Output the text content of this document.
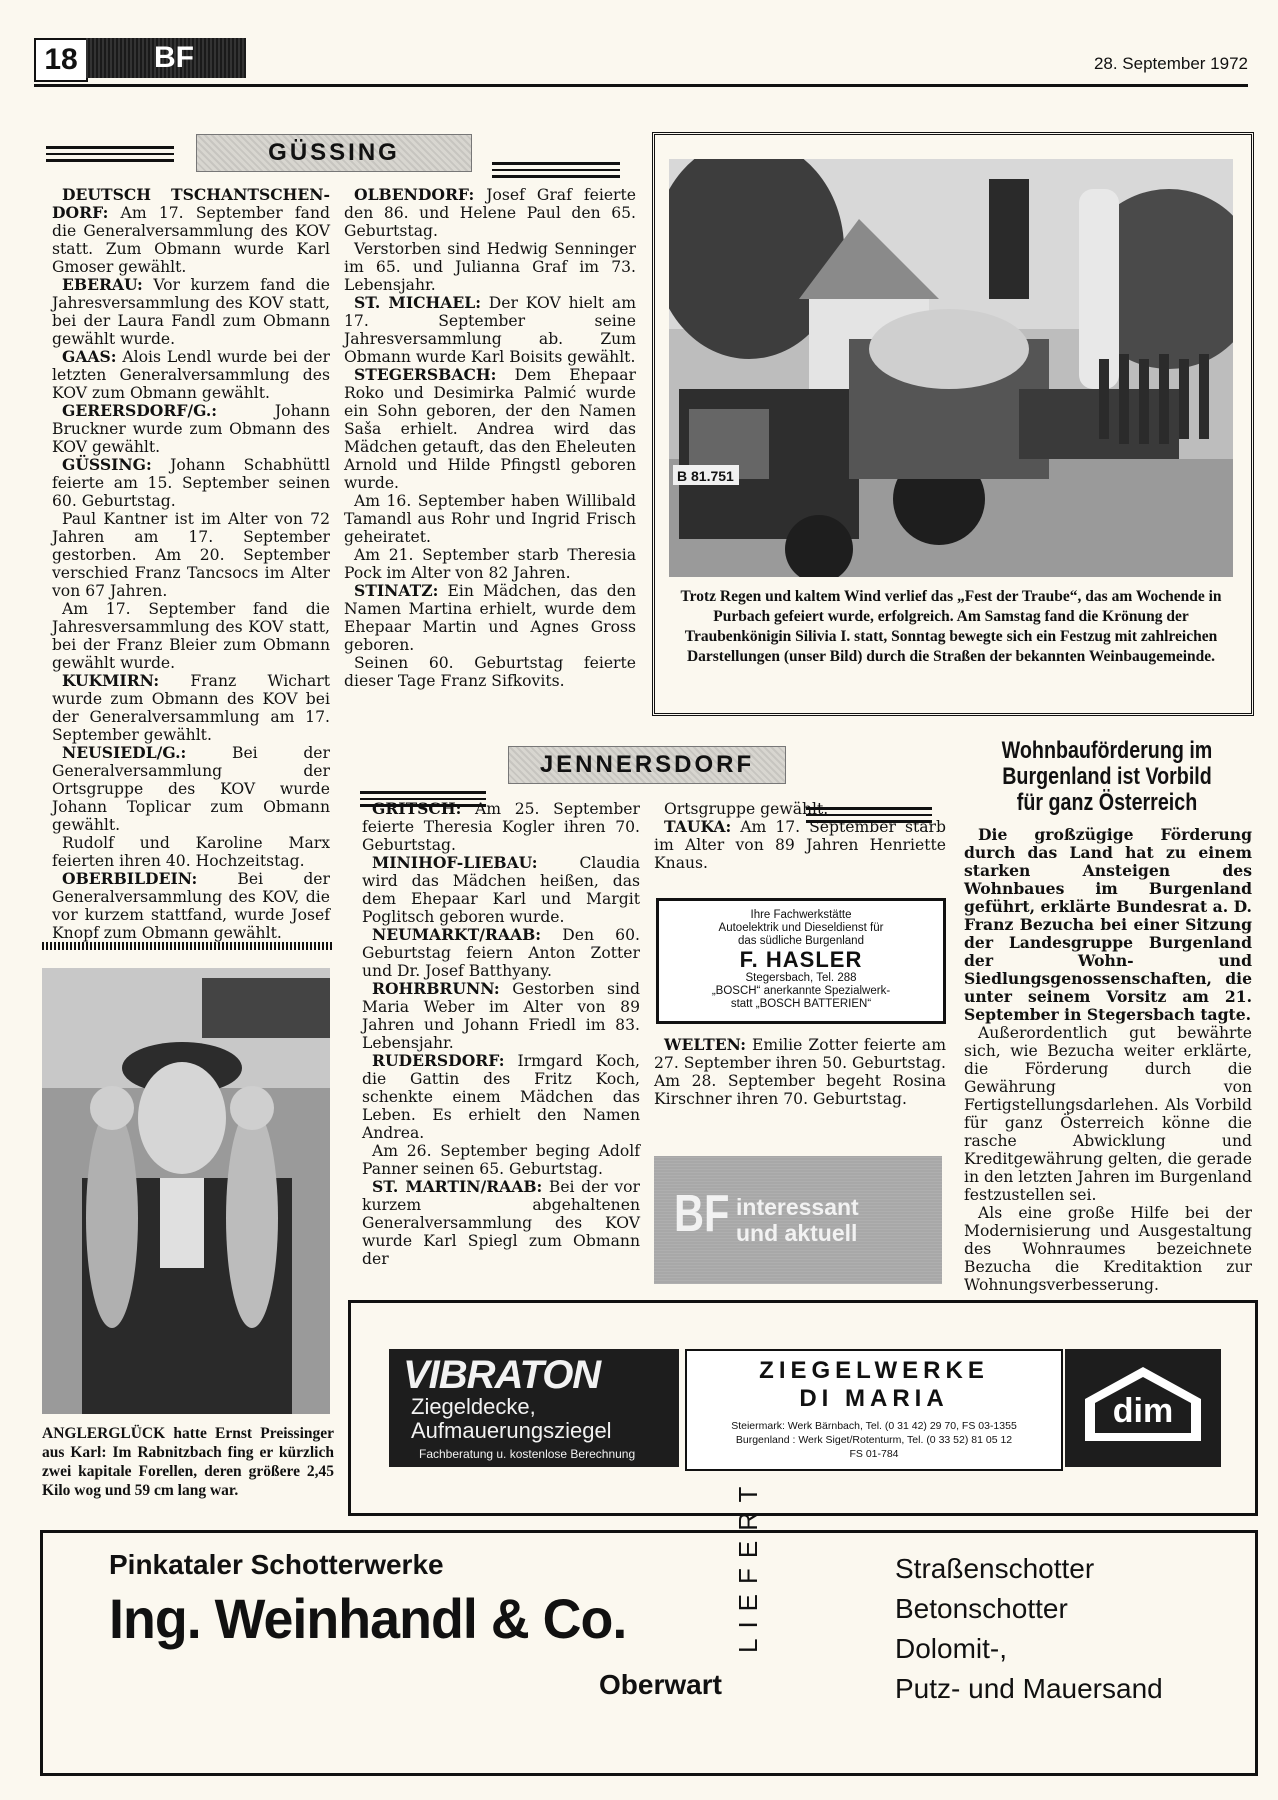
18	BF	28. September 1972
GÜSSING

DEUTSCH TSCHANTSCHEN-DORF: Am 17. September fand die Generalversammlung des KOV statt. Zum Obmann wurde Karl Gmoser gewählt.

EBERAU: Vor kurzem fand die Jahresversammlung des KOV statt, bei der Laura Fandl zum Obmann gewählt wurde.

GAAS: Alois Lendl wurde bei der letzten Generalversammlung des KOV zum Obmann gewählt.

GERERSDORF/G.: Johann Bruckner wurde zum Obmann des KOV gewählt.

GÜSSING: Johann Schabhüttl feierte am 15. September seinen 60. Geburtstag.

Paul Kantner ist im Alter von 72 Jahren am 17. September gestorben. Am 20. September verschied Franz Tancsocs im Alter von 67 Jahren.

Am 17. September fand die Jahresversammlung des KOV statt, bei der Franz Bleier zum Obmann gewählt wurde.

KUKMIRN: Franz Wichart wurde zum Obmann des KOV bei der Generalversammlung am 17. September gewählt.

NEUSIEDL/G.: Bei der Generalversammlung der Ortsgruppe des KOV wurde Johann Toplicar zum Obmann gewählt.

Rudolf und Karoline Marx feierten ihren 40. Hochzeitstag.

OBERBILDEIN: Bei der Generalversammlung des KOV, die vor kurzem stattfand, wurde Josef Knopf zum Obmann gewählt.

OLBENDORF: Josef Graf feierte den 86. und Helene Paul den 65. Geburtstag.

Verstorben sind Hedwig Senninger im 65. und Julianna Graf im 73. Lebensjahr.

ST. MICHAEL: Der KOV hielt am 17. September seine Jahresversammlung ab. Zum Obmann wurde Karl Boisits gewählt.

STEGERSBACH: Dem Ehepaar Roko und Desimirka Palmić wurde ein Sohn geboren, der den Namen Saša erhielt. Andrea wird das Mädchen getauft, das den Eheleuten Arnold und Hilde Pfingstl geboren wurde.

Am 16. September haben Willibald Tamandl aus Rohr und Ingrid Frisch geheiratet.

Am 21. September starb Theresia Pock im Alter von 82 Jahren.

STINATZ: Ein Mädchen, das den Namen Martina erhielt, wurde dem Ehepaar Martin und Agnes Gross geboren.

Seinen 60. Geburtstag feierte dieser Tage Franz Sifkovits.

B 81.751
Trotz Regen und kaltem Wind verlief das „Fest der Traube“, das am Wochende in Purbach gefeiert wurde, erfolgreich. Am Samstag fand die Krönung der Traubenkönigin Silivia I. statt, Sonntag bewegte sich ein Festzug mit zahlreichen Darstellungen (unser Bild) durch die Straßen der bekannten Weinbaugemeinde.
ANGLERGLÜCK hatte Ernst Preissinger aus Karl: Im Rabnitzbach fing er kürzlich zwei kapitale Forellen, deren größere 2,45 Kilo wog und 59 cm lang war.
JENNERSDORF

GRITSCH: Am 25. September feierte Theresia Kogler ihren 70. Geburtstag.

MINIHOF-LIEBAU: Claudia wird das Mädchen heißen, das dem Ehepaar Karl und Margit Poglitsch geboren wurde.

NEUMARKT/RAAB: Den 60. Geburtstag feiern Anton Zotter und Dr. Josef Batthyany.

ROHRBRUNN: Gestorben sind Maria Weber im Alter von 89 Jahren und Johann Friedl im 83. Lebensjahr.

RUDERSDORF: Irmgard Koch, die Gattin des Fritz Koch, schenkte einem Mädchen das Leben. Es erhielt den Namen Andrea.

Am 26. September beging Adolf Panner seinen 65. Geburtstag.

ST. MARTIN/RAAB: Bei der vor kurzem abgehaltenen Generalversammlung des KOV wurde Karl Spiegl zum Obmann der

Ortsgruppe gewählt.

TAUKA: Am 17. September starb im Alter von 89 Jahren Henriette Knaus.

Ihre Fachwerkstätte
Autoelektrik und Dieseldienst für
das südliche Burgenland
F. HASLER
Stegersbach, Tel. 288
„BOSCH“ anerkannte Spezialwerk-
statt „BOSCH BATTERIEN“

WELTEN: Emilie Zotter feierte am 27. September ihren 50. Geburtstag. Am 28. September begeht Rosina Kirschner ihren 70. Geburtstag.

BF interessant
und aktuell
Wohnbauförderung im
Burgenland ist Vorbild
für ganz Österreich

Die großzügige Förderung durch das Land hat zu einem starken Ansteigen des Wohnbaues im Burgenland geführt, erklärte Bundesrat a. D. Franz Bezucha bei einer Sitzung der Landesgruppe Burgenland der Wohn- und Siedlungsgenossenschaften, die unter seinem Vorsitz am 21. September in Stegersbach tagte.

Außerordentlich gut bewährte sich, wie Bezucha weiter erklärte, die Förderung durch die Gewährung von Fertigstellungsdarlehen. Als Vorbild für ganz Österreich könne die rasche Abwicklung und Kreditgewährung gelten, die gerade in den letzten Jahren im Burgenland festzustellen sei.

Als eine große Hilfe bei der Modernisierung und Ausgestaltung des Wohnraumes bezeichnete Bezucha die Kreditaktion zur Wohnungsverbesserung.

VIBRATON
Ziegeldecke,
Aufmauerungsziegel
Fachberatung u. kostenlose Berechnung
ZIEGELWERKE
DI MARIA
Steiermark: Werk Bärnbach, Tel. (0 31 42) 29 70, FS 03-1355
Burgenland : Werk Siget/Rotenturm, Tel. (0 33 52) 81 05 12
FS 01-784
dim
Pinkataler Schotterwerke
Ing. Weinhandl & Co.
Oberwart
LIEFERT	Straßenschotter
Betonschotter
Dolomit-,
Putz- und Mauersand
